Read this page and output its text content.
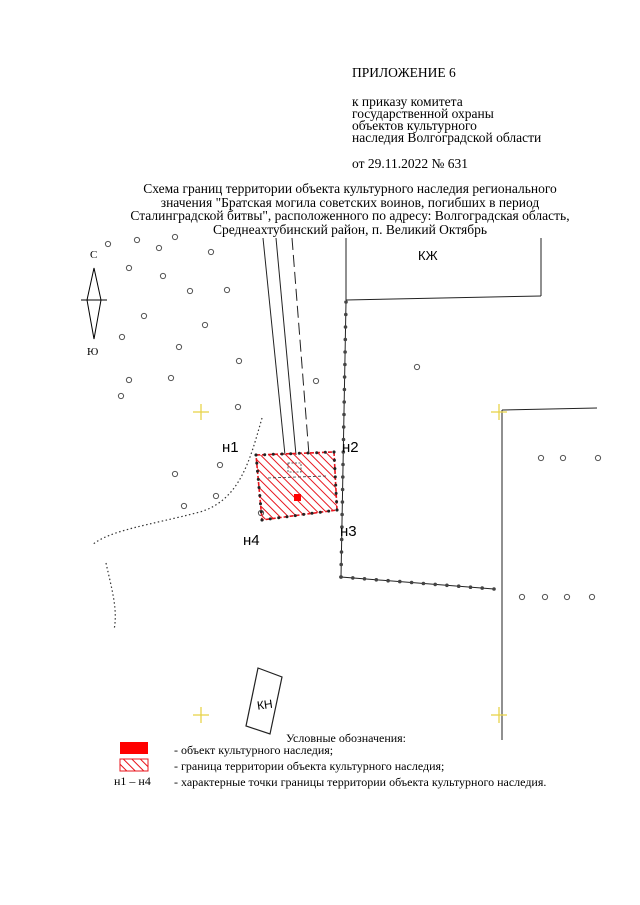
ПРИЛОЖЕНИЕ 6
к приказу комитета
государственной охраны
объектов культурного
наследия Волгоградской области
от 29.11.2022 № 631
Схема границ территории объекта культурного наследия регионального
значения "Братская могила советских воинов, погибших в период
Сталинградской битвы", расположенного по адресу: Волгоградская область,
Среднеахтубинский район, п. Великий Октябрь
С
Ю
КЖ
КН
н1	н2
н3
н4
Условные обозначения:
- объект культурного наследия;
- граница территории объекта культурного наследия;
н1 – н4 - характерные точки границы территории объекта культурного наследия.
